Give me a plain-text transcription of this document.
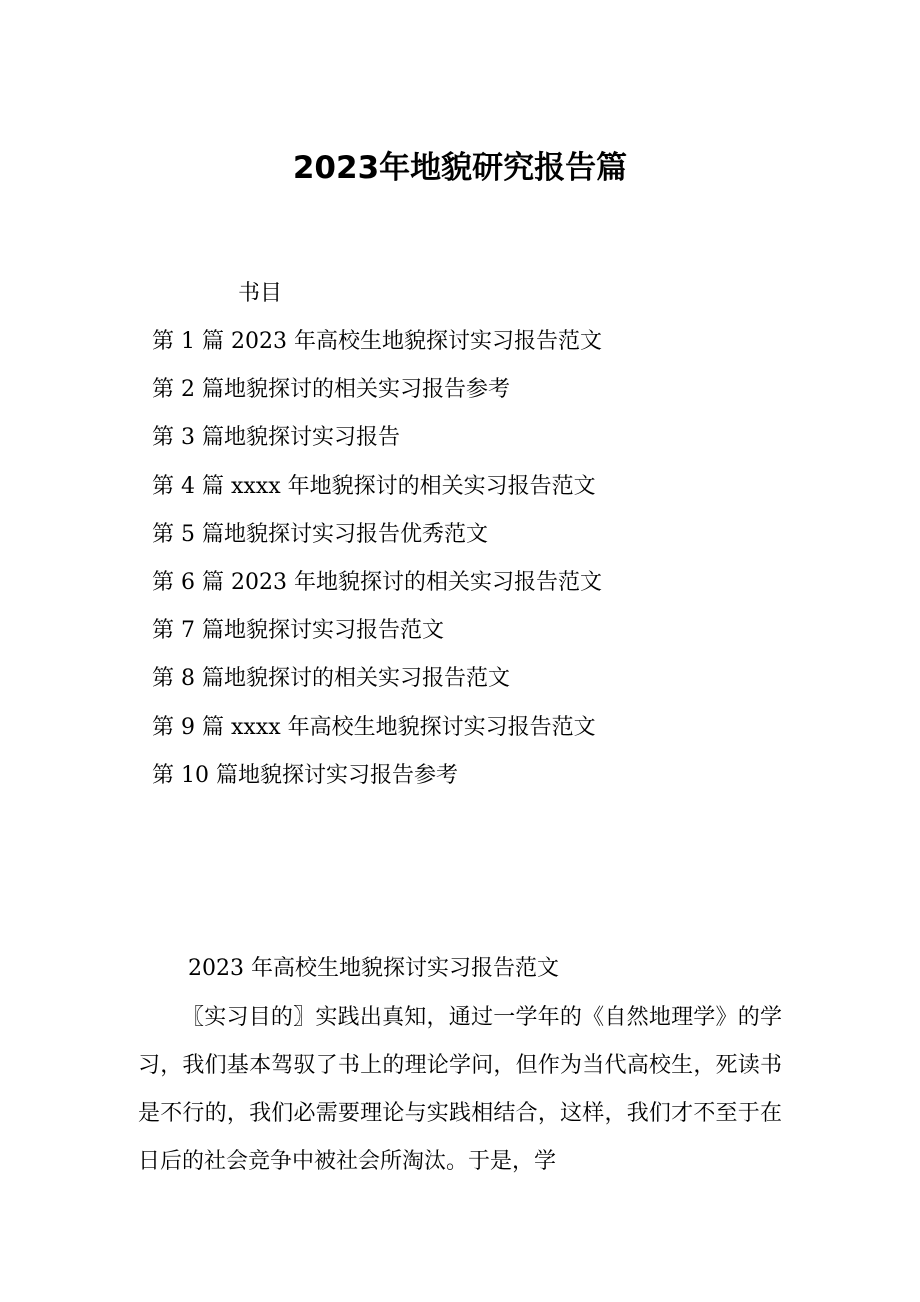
2023年地貌研究报告篇
书目
第 1 篇 2023 年高校生地貌探讨实习报告范文
第 2 篇地貌探讨的相关实习报告参考
第 3 篇地貌探讨实习报告
第 4 篇 xxxx 年地貌探讨的相关实习报告范文
第 5 篇地貌探讨实习报告优秀范文
第 6 篇 2023 年地貌探讨的相关实习报告范文
第 7 篇地貌探讨实习报告范文
第 8 篇地貌探讨的相关实习报告范文
第 9 篇 xxxx 年高校生地貌探讨实习报告范文
第 10 篇地貌探讨实习报告参考
2023 年高校生地貌探讨实习报告范文

〖实习目的〗实践出真知，通过一学年的《自然地理学》的学习，我们基本驾驭了书上的理论学问，但作为当代高校生，死读书是不行的，我们必需要理论与实践相结合，这样，我们才不至于在日后的社会竞争中被社会所淘汰。于是，学
